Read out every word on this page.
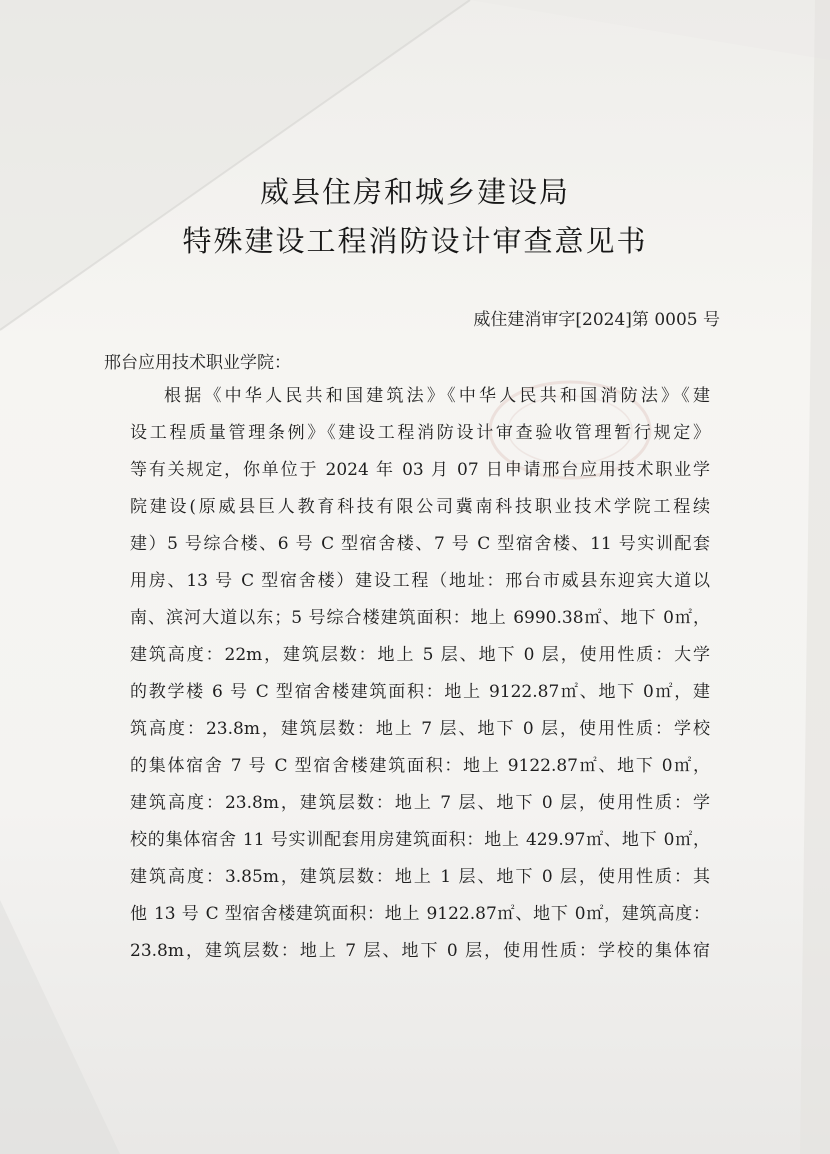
威县住房和城乡建设局
特殊建设工程消防设计审查意见书
威住建消审字[2024]第 0005 号
邢台应用技术职业学院：
根据《中华人民共和国建筑法》《中华人民共和国消防法》《建
设工程质量管理条例》《建设工程消防设计审查验收管理暂行规定》
等有关规定，你单位于 2024 年 03 月 07 日申请邢台应用技术职业学
院建设(原威县巨人教育科技有限公司冀南科技职业技术学院工程续
建）5 号综合楼、6 号 C 型宿舍楼、7 号 C 型宿舍楼、11 号实训配套
用房、13 号 C 型宿舍楼）建设工程（地址：邢台市威县东迎宾大道以
南、滨河大道以东；5 号综合楼建筑面积：地上 6990.38㎡、地下 0㎡，
建筑高度：22m，建筑层数：地上 5 层、地下 0 层，使用性质：大学
的教学楼 6 号 C 型宿舍楼建筑面积：地上 9122.87㎡、地下 0㎡，建
筑高度：23.8m，建筑层数：地上 7 层、地下 0 层，使用性质：学校
的集体宿舍 7 号 C 型宿舍楼建筑面积：地上 9122.87㎡、地下 0㎡，
建筑高度：23.8m，建筑层数：地上 7 层、地下 0 层，使用性质：学
校的集体宿舍 11 号实训配套用房建筑面积：地上 429.97㎡、地下 0㎡，
建筑高度：3.85m，建筑层数：地上 1 层、地下 0 层，使用性质：其
他 13 号 C 型宿舍楼建筑面积：地上 9122.87㎡、地下 0㎡，建筑高度：
23.8m，建筑层数：地上 7 层、地下 0 层，使用性质：学校的集体宿
